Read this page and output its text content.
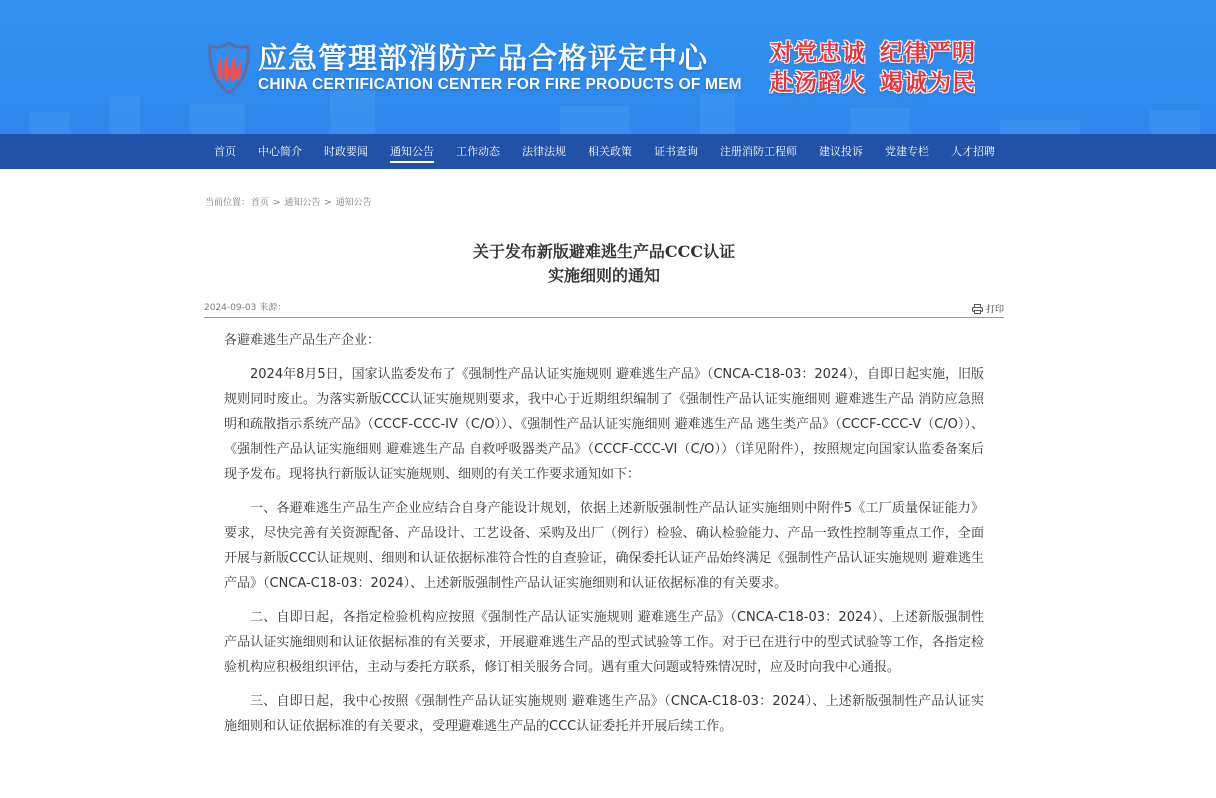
应急管理部消防产品合格评定中心
CHINA CERTIFICATION CENTER FOR FIRE PRODUCTS OF MEM
对党忠诚 纪律严明
赴汤蹈火 竭诚为民
首页 中心简介 时政要闻 通知公告 工作动态 法律法规 相关政策 证书查询 注册消防工程师 建议投诉 党建专栏 人才招聘
当前位置：首页 > 通知公告 > 通知公告
关于发布新版避难逃生产品CCC认证
实施细则的通知
2024-09-03 来源：	打印

各避难逃生产品生产企业：

2024年8月5日，国家认监委发布了《强制性产品认证实施规则 避难逃生产品》（CNCA-C18-03：2024），自即日起实施，旧版规则同时废止。为落实新版CCC认证实施规则要求，我中心于近期组织编制了《强制性产品认证实施细则 避难逃生产品 消防应急照明和疏散指示系统产品》（CCCF-CCC-IV（C/O））、《强制性产品认证实施细则 避难逃生产品 逃生类产品》（CCCF-CCC-V（C/O））、《强制性产品认证实施细则 避难逃生产品 自救呼吸器类产品》（CCCF-CCC-VI（C/O））（详见附件），按照规定向国家认监委备案后现予发布。现将执行新版认证实施规则、细则的有关工作要求通知如下：

一、各避难逃生产品生产企业应结合自身产能设计规划，依据上述新版强制性产品认证实施细则中附件5《工厂质量保证能力》要求，尽快完善有关资源配备、产品设计、工艺设备、采购及出厂（例行）检验、确认检验能力、产品一致性控制等重点工作，全面开展与新版CCC认证规则、细则和认证依据标准符合性的自查验证，确保委托认证产品始终满足《强制性产品认证实施规则 避难逃生产品》（CNCA-C18-03：2024）、上述新版强制性产品认证实施细则和认证依据标准的有关要求。

二、自即日起，各指定检验机构应按照《强制性产品认证实施规则 避难逃生产品》（CNCA-C18-03：2024）、上述新版强制性产品认证实施细则和认证依据标准的有关要求，开展避难逃生产品的型式试验等工作。对于已在进行中的型式试验等工作，各指定检验机构应积极组织评估，主动与委托方联系，修订相关服务合同。遇有重大问题或特殊情况时，应及时向我中心通报。

三、自即日起，我中心按照《强制性产品认证实施规则 避难逃生产品》（CNCA-C18-03：2024）、上述新版强制性产品认证实施细则和认证依据标准的有关要求，受理避难逃生产品的CCC认证委托并开展后续工作。
